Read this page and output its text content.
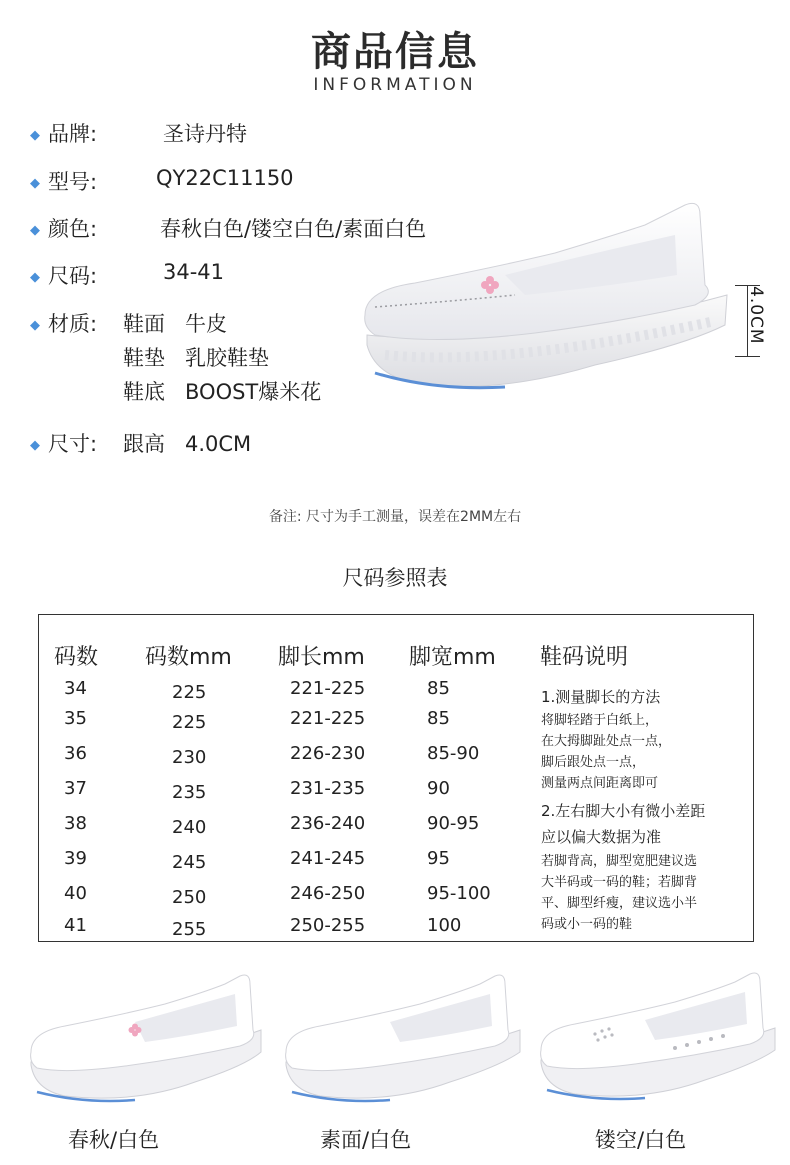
商品信息
INFORMATION
◆ 品牌:	圣诗丹特
◆ 型号:	QY22C11150
◆ 颜色:	春秋白色/镂空白色/素面白色
◆ 尺码:	34-41
◆ 材质: 鞋面 牛皮
鞋垫 乳胶鞋垫
鞋底 BOOST爆米花
◆ 尺寸: 跟高 4.0CM
4.0CM
备注: 尺寸为手工测量，误差在2MM左右
尺码参照表
码数 码数mm 脚长mm 脚宽mm 鞋码说明
34	225	221-225	85
35	225	221-225	85
36	230	226-230	85-90
37	235	231-235	90
38	240	236-240	90-95
39	245	241-245	95
40	250	246-250	95-100
41	255	250-255	100
1.测量脚长的方法
将脚轻踏于白纸上，
在大拇脚趾处点一点，
脚后跟处点一点，
测量两点间距离即可
2.左右脚大小有微小差距
应以偏大数据为准
若脚背高，脚型宽肥建议选
大半码或一码的鞋；若脚背
平、脚型纤瘦，建议选小半
码或小一码的鞋
春秋/白色	素面/白色	镂空/白色
